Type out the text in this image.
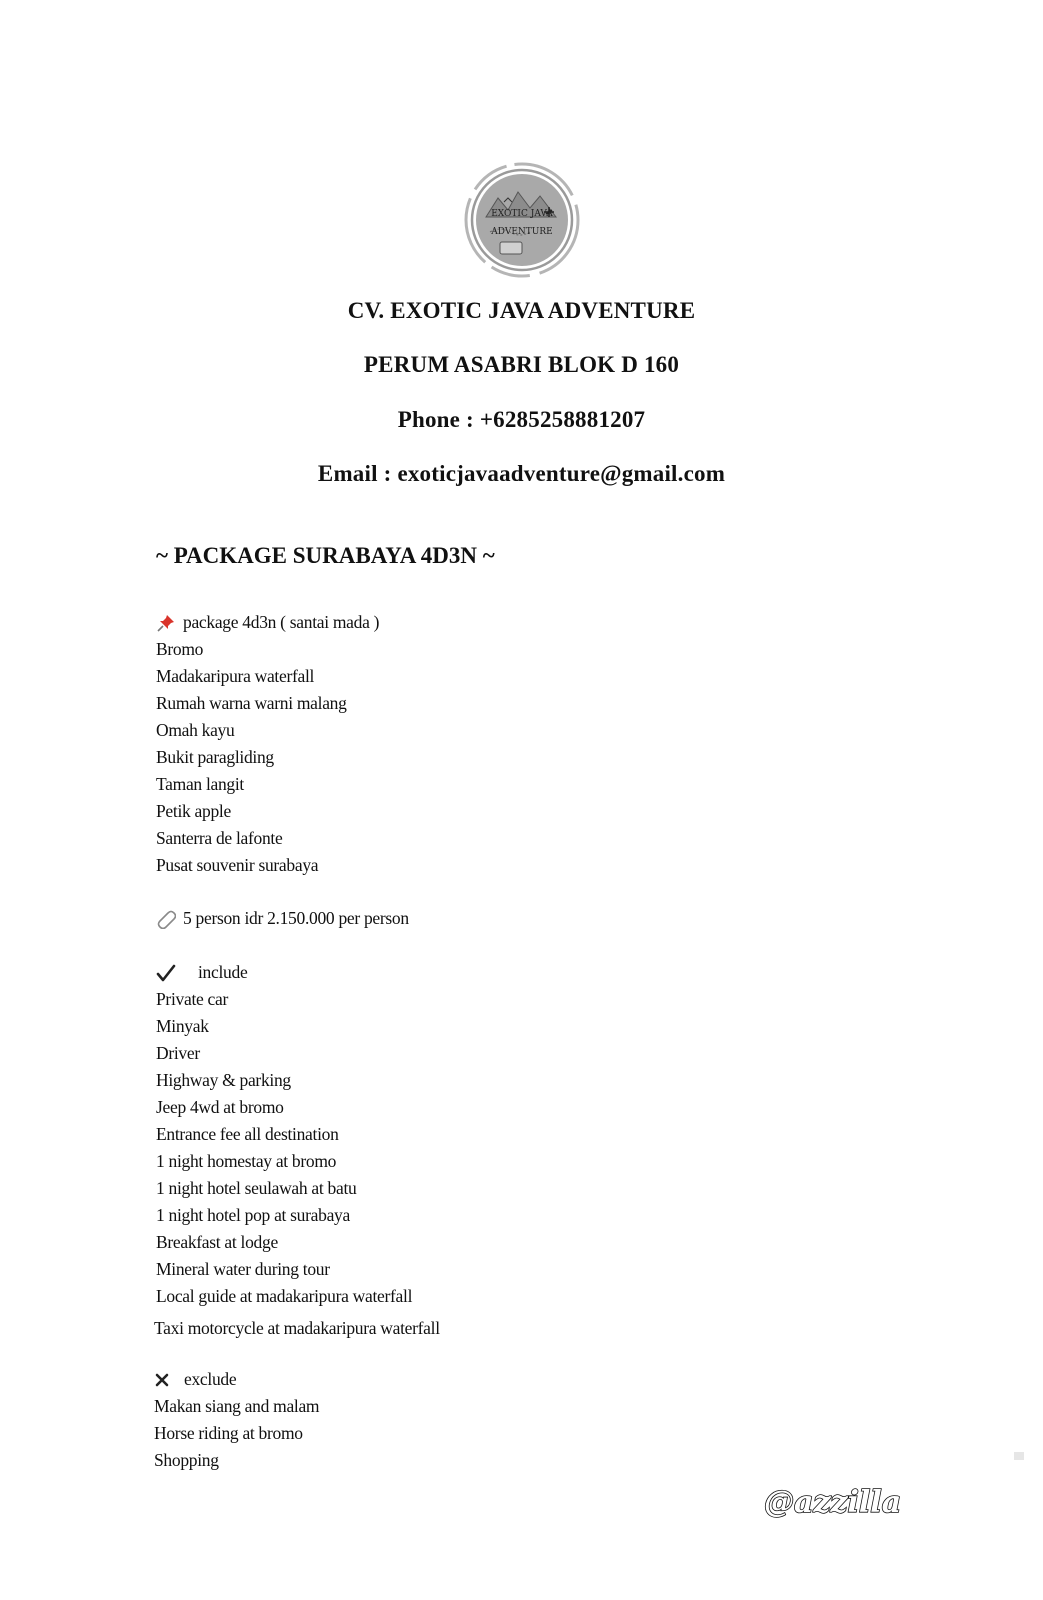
EXOTIC JAVA
ADVENTURE
CV. EXOTIC JAVA ADVENTURE
PERUM ASABRI BLOK D 160
Phone : +6285258881207
Email : exoticjavaadventure@gmail.com
~ PACKAGE SURABAYA 4D3N ~
package 4d3n ( santai mada )
Bromo
Madakaripura waterfall
Rumah warna warni malang
Omah kayu
Bukit paragliding
Taman langit
Petik apple
Santerra de lafonte
Pusat souvenir surabaya
5 person idr 2.150.000 per person
include
Private car
Minyak
Driver
Highway & parking
Jeep 4wd at bromo
Entrance fee all destination
1 night homestay at bromo
1 night hotel seulawah at batu
1 night hotel pop at surabaya
Breakfast at lodge
Mineral water during tour
Local guide at madakaripura waterfall
Taxi motorcycle at madakaripura waterfall
exclude
Makan siang and malam
Horse riding at bromo
Shopping
@azzilla
